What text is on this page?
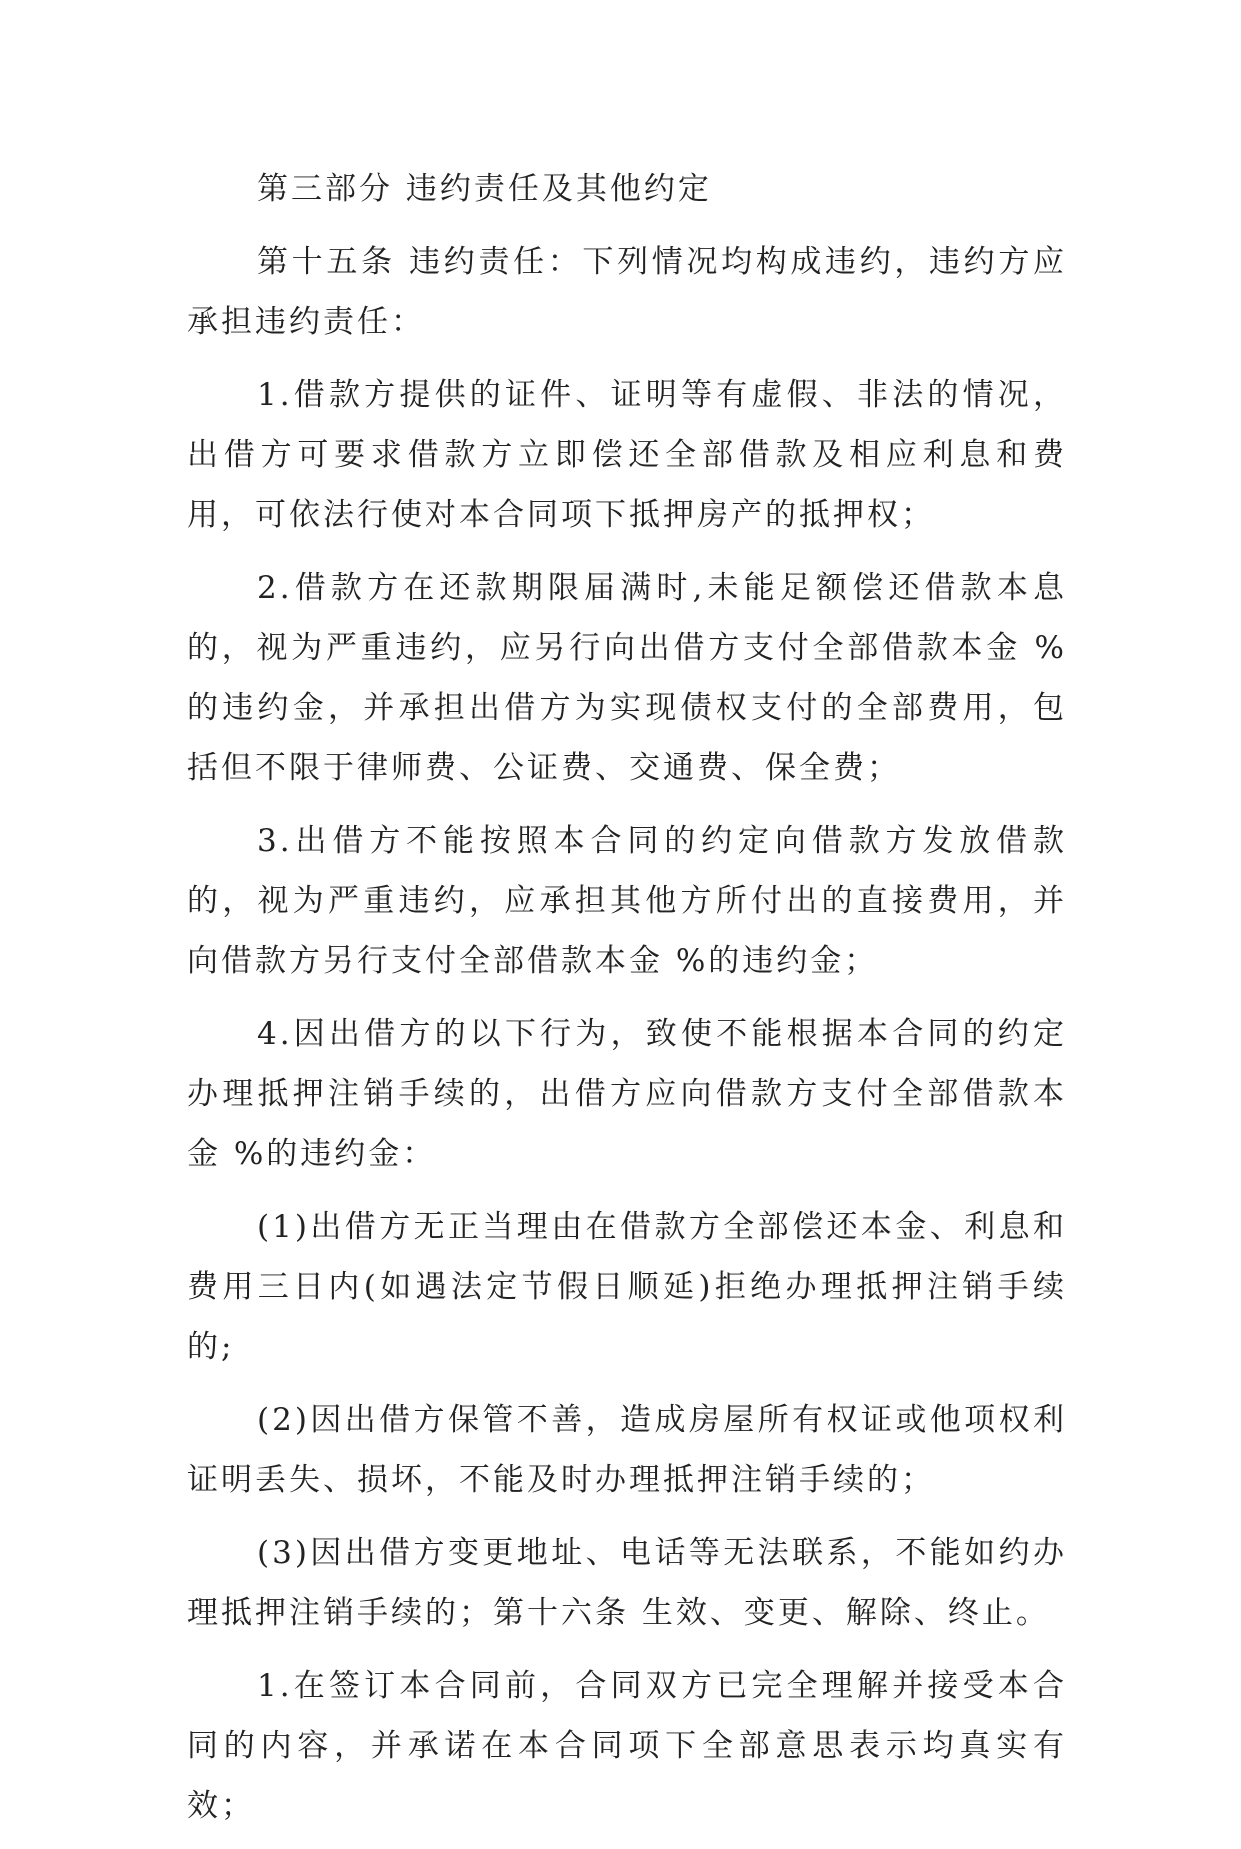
第三部分 违约责任及其他约定

第十五条 违约责任：下列情况均构成违约，违约方应承担违约责任：

1.借款方提供的证件、证明等有虚假、非法的情况，出借方可要求借款方立即偿还全部借款及相应利息和费用，可依法行使对本合同项下抵押房产的抵押权；

2.借款方在还款期限届满时,未能足额偿还借款本息的，视为严重违约，应另行向出借方支付全部借款本金 %的违约金，并承担出借方为实现债权支付的全部费用，包括但不限于律师费、公证费、交通费、保全费；

3.出借方不能按照本合同的约定向借款方发放借款的，视为严重违约，应承担其他方所付出的直接费用，并向借款方另行支付全部借款本金 %的违约金；

4.因出借方的以下行为，致使不能根据本合同的约定办理抵押注销手续的，出借方应向借款方支付全部借款本金 %的违约金：

(1)出借方无正当理由在借款方全部偿还本金、利息和费用三日内(如遇法定节假日顺延)拒绝办理抵押注销手续的;

(2)因出借方保管不善，造成房屋所有权证或他项权利证明丢失、损坏，不能及时办理抵押注销手续的；

(3)因出借方变更地址、电话等无法联系，不能如约办理抵押注销手续的；第十六条 生效、变更、解除、终止。

1.在签订本合同前，合同双方已完全理解并接受本合同的内容，并承诺在本合同项下全部意思表示均真实有效；
